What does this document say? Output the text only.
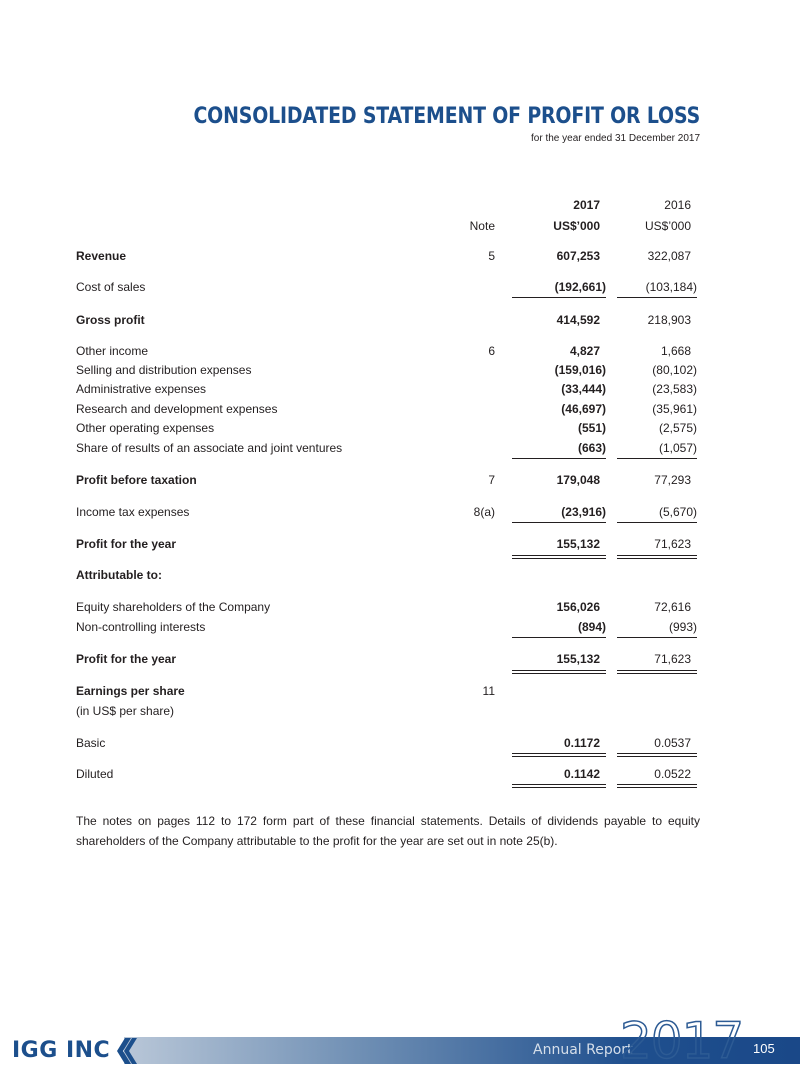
CONSOLIDATED STATEMENT OF PROFIT OR LOSS
for the year ended 31 December 2017
2017	2016
Note	US$’000	US$’000
Revenue	5	607,253	322,087
Cost of sales	(192,661)	(103,184)
Gross profit	414,592	218,903
Other income	6	4,827	1,668
Selling and distribution expenses	(159,016)	(80,102)
Administrative expenses	(33,444)	(23,583)
Research and development expenses	(46,697)	(35,961)
Other operating expenses	(551)	(2,575)
Share of results of an associate and joint ventures	(663)	(1,057)
Profit before taxation	7	179,048	77,293
Income tax expenses	8(a)	(23,916)	(5,670)
Profit for the year	155,132	71,623
Attributable to:
Equity shareholders of the Company	156,026	72,616
Non-controlling interests	(894)	(993)
Profit for the year	155,132	71,623
Earnings per share	11
(in US$ per share)
Basic	0.1172	0.0537
Diluted	0.1142	0.0522
The notes on pages 112 to 172 form part of these financial statements. Details of dividends payable to equity shareholders of the Company attributable to the profit for the year are set out in note 25(b).
IGG INC	Annual Report
2017 105
